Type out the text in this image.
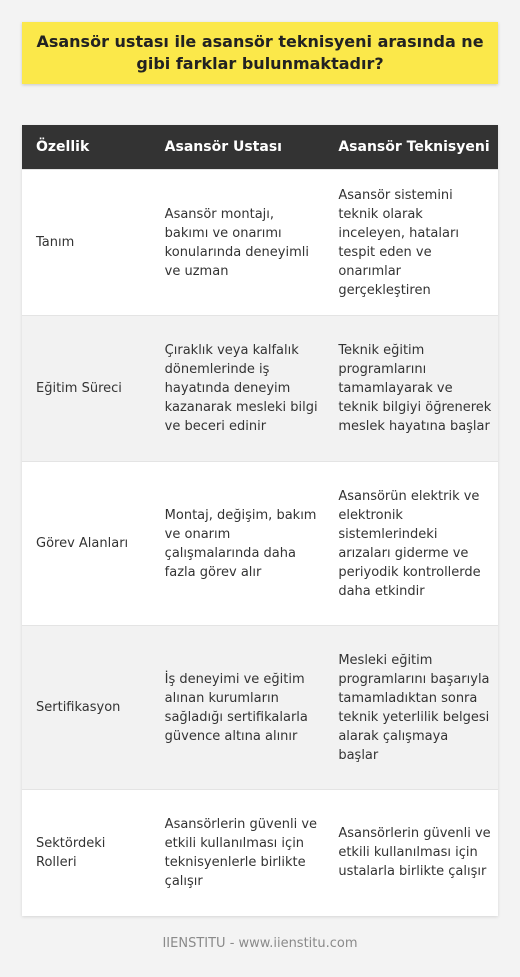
Asansör ustası ile asansör teknisyeni arasında ne gibi farklar bulunmaktadır?
Özellik	Asansör Ustası	Asansör Teknisyeni
Tanım	Asansör montajı, bakımı ve onarımı konularında deneyimli ve uzman	Asansör sistemini teknik olarak inceleyen, hataları tespit eden ve onarımlar gerçekleştiren
Eğitim Süreci	Çıraklık veya kalfalık dönemlerinde iş hayatında deneyim kazanarak mesleki bilgi ve beceri edinir	Teknik eğitim programlarını tamamlayarak ve teknik bilgiyi öğrenerek meslek hayatına başlar
Görev Alanları	Montaj, değişim, bakım ve onarım çalışmalarında daha fazla görev alır	Asansörün elektrik ve elektronik sistemlerindeki arızaları giderme ve periyodik kontrollerde daha etkindir
Sertifikasyon	İş deneyimi ve eğitim alınan kurumların sağladığı sertifikalarla güvence altına alınır	Mesleki eğitim programlarını başarıyla tamamladıktan sonra teknik yeterlilik belgesi alarak çalışmaya başlar
Sektördeki Rolleri	Asansörlerin güvenli ve etkili kullanılması için teknisyenlerle birlikte çalışır	Asansörlerin güvenli ve etkili kullanılması için ustalarla birlikte çalışır
IIENSTITU - www.iienstitu.com
